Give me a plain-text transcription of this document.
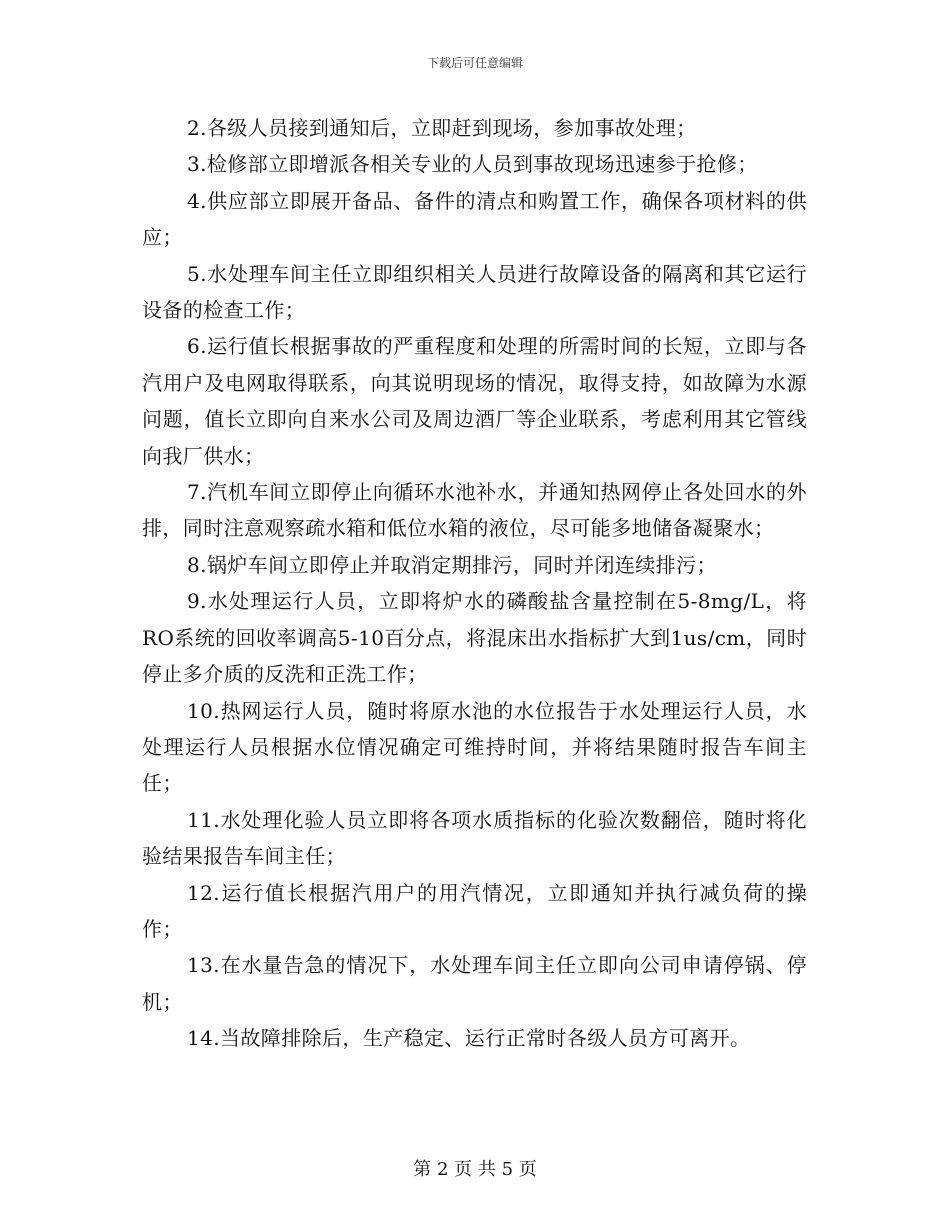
下载后可任意编辑

2.各级人员接到通知后，立即赶到现场，参加事故处理；

3.检修部立即增派各相关专业的人员到事故现场迅速参于抢修；

4.供应部立即展开备品、备件的清点和购置工作，确保各项材料的供应；

5.水处理车间主任立即组织相关人员进行故障设备的隔离和其它运行设备的检查工作；

6.运行值长根据事故的严重程度和处理的所需时间的长短，立即与各汽用户及电网取得联系，向其说明现场的情况，取得支持，如故障为水源问题，值长立即向自来水公司及周边酒厂等企业联系，考虑利用其它管线向我厂供水；

7.汽机车间立即停止向循环水池补水，并通知热网停止各处回水的外排，同时注意观察疏水箱和低位水箱的液位，尽可能多地储备凝聚水；

8.锅炉车间立即停止并取消定期排污，同时并闭连续排污；

9.水处理运行人员，立即将炉水的磷酸盐含量控制在5-8mg/L，将RO系统的回收率调高5-10百分点，将混床出水指标扩大到1us/cm，同时停止多介质的反洗和正洗工作；

10.热网运行人员，随时将原水池的水位报告于水处理运行人员，水处理运行人员根据水位情况确定可维持时间，并将结果随时报告车间主任；

11.水处理化验人员立即将各项水质指标的化验次数翻倍，随时将化验结果报告车间主任；

12.运行值长根据汽用户的用汽情况，立即通知并执行减负荷的操作；

13.在水量告急的情况下，水处理车间主任立即向公司申请停锅、停机；

14.当故障排除后，生产稳定、运行正常时各级人员方可离开。

第 2 页 共 5 页
